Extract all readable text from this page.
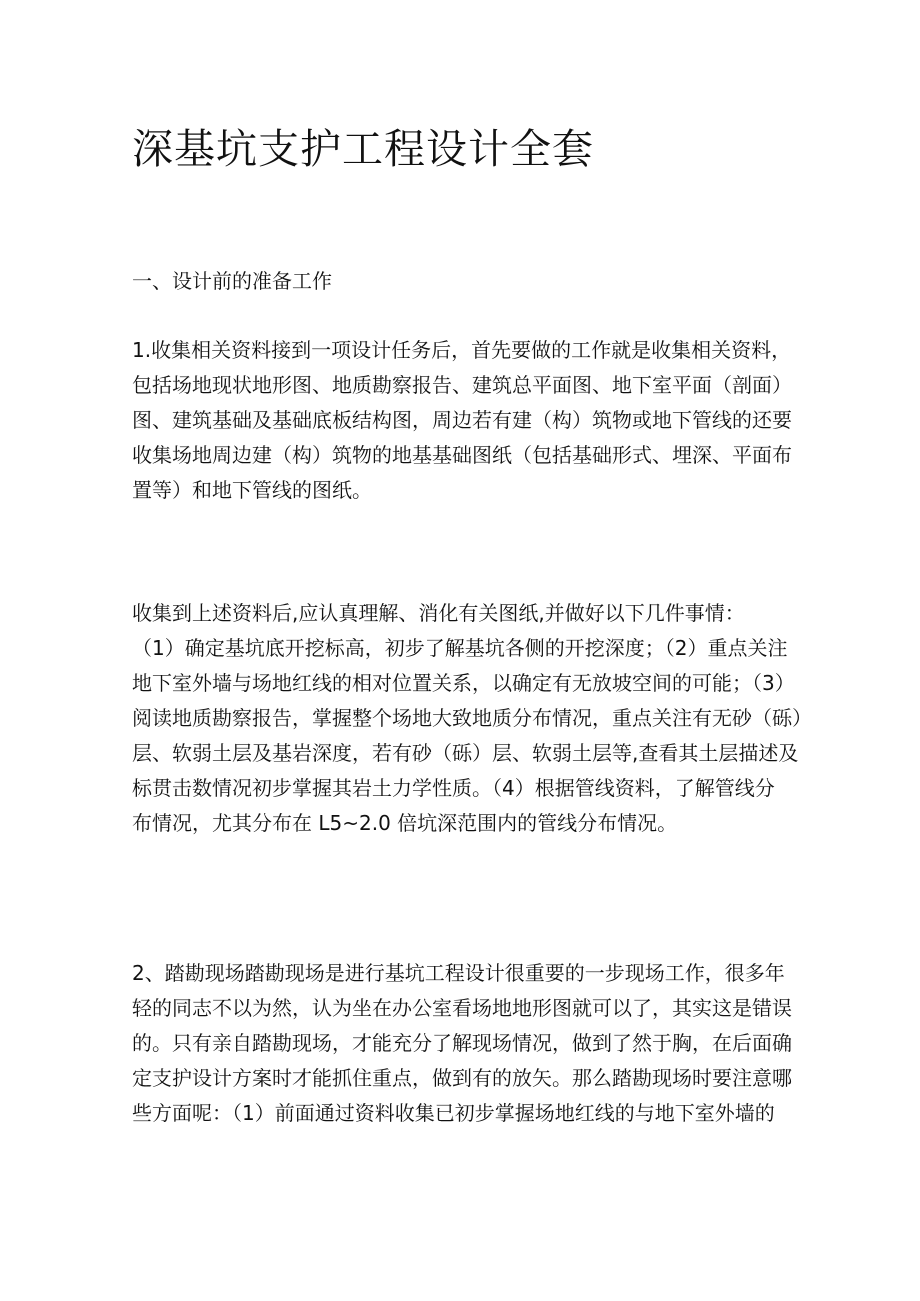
深基坑支护工程设计全套
一、设计前的准备工作
1.收集相关资料接到一项设计任务后，首先要做的工作就是收集相关资料，
包括场地现状地形图、地质勘察报告、建筑总平面图、地下室平面（剖面）
图、建筑基础及基础底板结构图，周边若有建（构）筑物或地下管线的还要
收集场地周边建（构）筑物的地基基础图纸（包括基础形式、埋深、平面布
置等）和地下管线的图纸。
收集到上述资料后,应认真理解、消化有关图纸,并做好以下几件事情：
（1）确定基坑底开挖标高，初步了解基坑各侧的开挖深度；（2）重点关注
地下室外墙与场地红线的相对位置关系，以确定有无放坡空间的可能；（3）
阅读地质勘察报告，掌握整个场地大致地质分布情况，重点关注有无砂（砾）
层、软弱土层及基岩深度，若有砂（砾）层、软弱土层等,查看其土层描述及
标贯击数情况初步掌握其岩土力学性质。（4）根据管线资料，了解管线分
布情况，尤其分布在 L5~2.0 倍坑深范围内的管线分布情况。
2、踏勘现场踏勘现场是进行基坑工程设计很重要的一步现场工作，很多年
轻的同志不以为然，认为坐在办公室看场地地形图就可以了，其实这是错误
的。只有亲自踏勘现场，才能充分了解现场情况，做到了然于胸，在后面确
定支护设计方案时才能抓住重点，做到有的放矢。那么踏勘现场时要注意哪
些方面呢：（1）前面通过资料收集已初步掌握场地红线的与地下室外墙的
